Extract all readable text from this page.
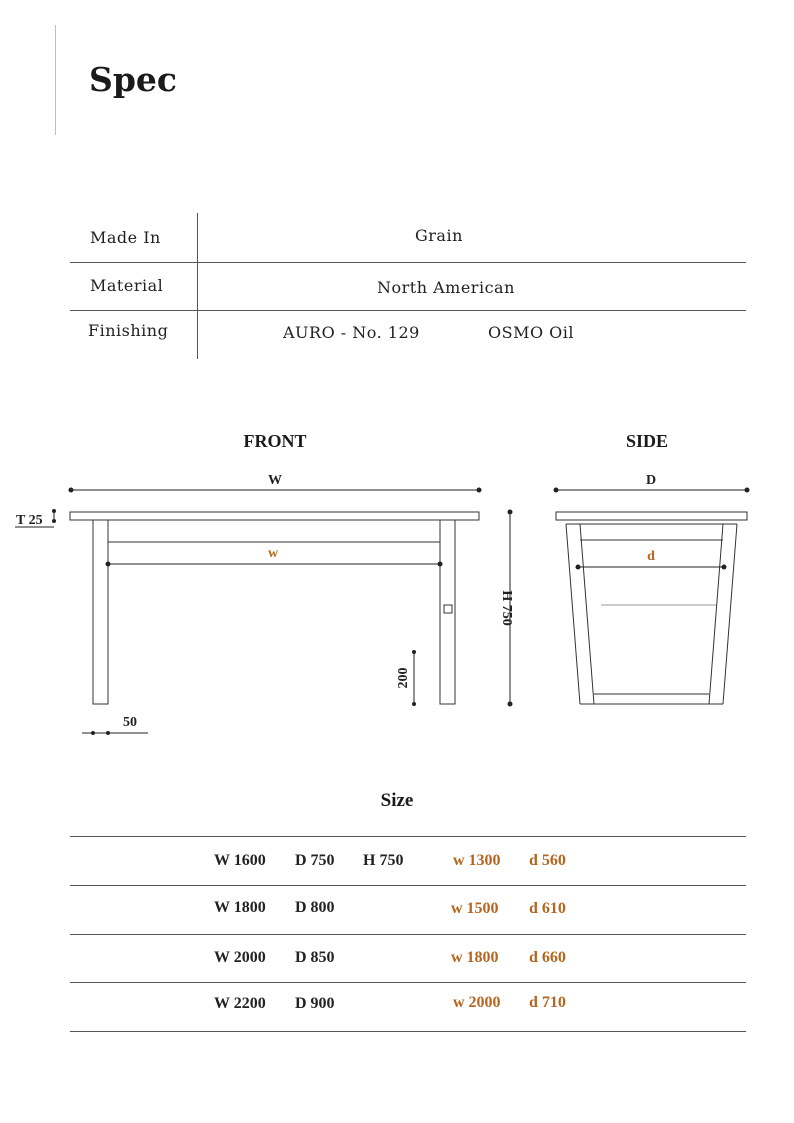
Spec
Made In	Grain
Material	North American
Finishing	AURO - No. 129	OSMO Oil
FRONT	SIDE
W
T 25
w
200
H 750
50
D
d
Size
W 1600 D 750 H 750	w 1300 d 560
W 1800 D 800	w 1500 d 610
W 2000 D 850	w 1800 d 660
W 2200 D 900	w 2000 d 710
